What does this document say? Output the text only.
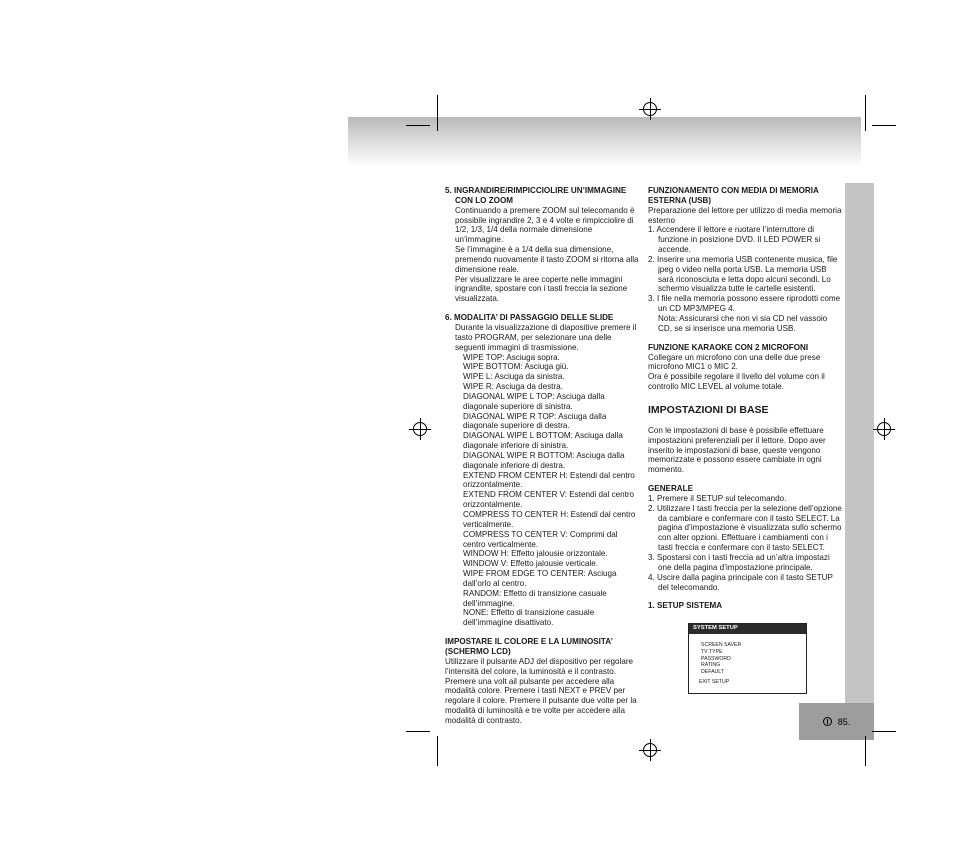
85.

5. INGRANDIRE/RIMPICCIOLIRE UN’IMMAGINE

CON LO ZOOM

Continuando a premere ZOOM sul telecomando è possibile ingrandire 2, 3 e 4 volte e rimpicciolire di 1/2, 1/3, 1/4 della normale dimensione un’immagine.

Se l’immagine è a 1/4 della sua dimensione, premendo nuovamente il tasto ZOOM si ritorna alla dimensione reale.

Per visualizzare le aree coperte nelle immagini ingrandite, spostare con i tasti freccia la sezione visualizzata.

6. MODALITA’ DI PASSAGGIO DELLE SLIDE

Durante la visualizzazione di diapositive premere il tasto PROGRAM, per selezionare una delle seguenti immagini di trasmissione.

WIPE TOP: Asciuga sopra.

WIPE BOTTOM: Asciuga giù.

WIPE L: Asciuga da sinistra.

WIPE R: Asciuga da destra.

DIAGONAL WIPE L TOP: Asciuga dalla diagonale superiore di sinistra.

DIAGONAL WIPE R TOP: Asciuga dalla diagonale superiore di destra.

DIAGONAL WIPE L BOTTOM: Asciuga dalla diagonale inferiore di sinistra.

DIAGONAL WIPE R BOTTOM: Asciuga dalla diagonale inferiore di destra.

EXTEND FROM CENTER H: Estendi dal centro orizzontalmente.

EXTEND FROM CENTER V: Estendi dal centro orizzontalmente.

COMPRESS TO CENTER H: Estendi dal centro verticalmente.

COMPRESS TO CENTER V: Comprimi dal centro verticalmente.

WINDOW H: Effetto jalousie orizzontale.

WINDOW V: Effetto jalousie verticale.

WIPE FROM EDGE TO CENTER: Asciuga dall’orlo al centro.

RANDOM: Effetto di transizione casuale dell’immagine.

NONE: Effetto di transizione casuale dell’immagine disattivato.

IMPOSTARE IL COLORE E LA LUMINOSITA’

(SCHERMO LCD)

Utilizzare il pulsante ADJ del dispositivo per regolare l’intensità del colore, la luminosità e il contrasto. Premere una volt ail pulsante per accedere alla modalità colore. Premere i tasti NEXT e PREV per regolare il colore. Premere il pulsante due volte per la modalità di luminosità e tre volte per accedere alla modalità di contrasto.

FUNZIONAMENTO CON MEDIA DI MEMORIA ESTERNA (USB)

Preparazione del lettore per utilizzo di media memoria esterno

1. Accendere il lettore e ruotare l’interruttore di funzione in posizione DVD. Il LED POWER si accende.

2. Inserire una memoria USB contenente musica, file jpeg o video nella porta USB. La memoria USB sarà riconosciuta e letta dopo alcuni secondi. Lo schermo visualizza tutte le cartelle esistenti.

3. I file nella memoria possono essere riprodotti come un CD MP3/MPEG 4.

Nota: Assicurarsi che non vi sia CD nel vassoio CD, se si inserisce una memoria USB.

FUNZIONE KARAOKE CON 2 MICROFONI

Collegare un microfono con una delle due prese microfono MIC1 o MIC 2.

Ora è possibile regolare il livello del volume con il controllo MIC LEVEL al volume totale.

IMPOSTAZIONI DI BASE

Con le impostazioni di base è possibile effettuare impostazioni preferenziali per il lettore. Dopo aver inserito le impostazioni di base, queste vengono memorizzate e possono essere cambiate in ogni momento.

GENERALE

1. Premere il SETUP sul telecomando.

2. Utilizzare I tasti freccia per la selezione dell’opzione da cambiare e confermare con il tasto SELECT. La pagina d’impostazione è visualizzata sullo schermo con alter opzioni. Effettuare i cambiamenti con i tasti freccia e confermare con il tasto SELECT.

3. Spostarsi con i tasti freccia ad un’altra impostazi one della pagina d’impostazione principale.

4. Uscire dalla pagina principale con il tasto SETUP del telecomando.

1. SETUP SISTEMA

SYSTEM SETUP
SCREEN SAVER
TV TYPE
PASSWORD
RATING
DEFAULT
EXIT SETUP
